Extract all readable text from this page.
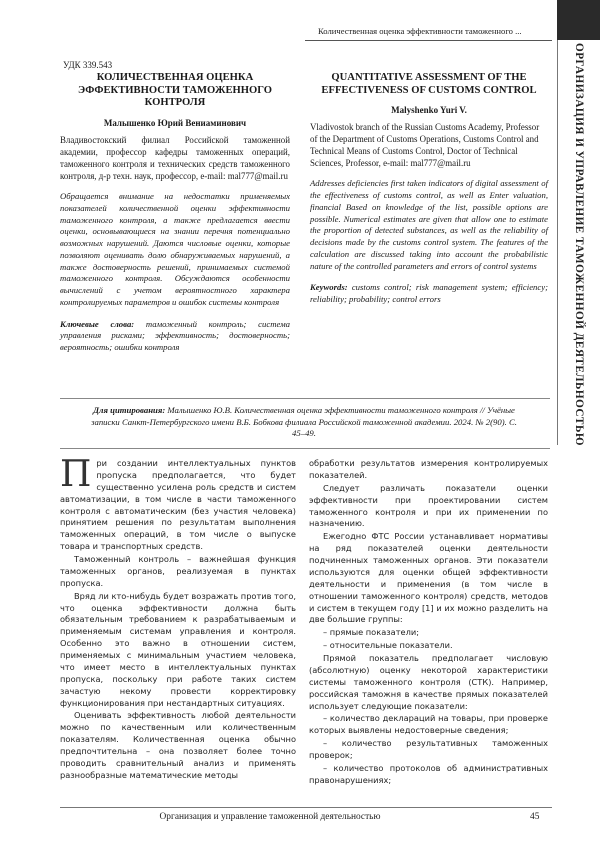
Количественная оценка эффективности таможенного ...
ОРГАНИЗАЦИЯ И УПРАВЛЕНИЕ ТАМОЖЕННОЙ ДЕЯТЕЛЬНОСТЬЮ
УДК 339.543
КОЛИЧЕСТВЕННАЯ ОЦЕНКА ЭФФЕКТИВНОСТИ ТАМОЖЕННОГО КОНТРОЛЯ
Малышенко Юрий Вениаминович
Владивостокский филиал Российской таможенной академии, профессор кафедры таможенных операций, таможенного контроля и технических средств таможенного контроля, д-р техн. наук, профессор, e-mail: mal777@mail.ru
Обращается внимание на недостатки применяемых показателей количественной оценки эффективности таможенного контроля, а также предлагается ввести оценки, основывающиеся на знании перечня потенциально возможных нарушений. Даются числовые оценки, которые позволяют оценивать долю обнаруживаемых нарушений, а также достоверность решений, принимаемых системой таможенного контроля. Обсуждаются особенности вычислений с учетом вероятностного характера контролируемых параметров и ошибок системы контроля
Ключевые слова: таможенный контроль; система управления рисками; эффективность; достоверность; вероятность; ошибки контроля
QUANTITATIVE ASSESSMENT OF THE EFFECTIVENESS OF CUSTOMS CONTROL
Malyshenko Yuri V.
Vladivostok branch of the Russian Customs Academy, Professor of the Department of Customs Operations, Customs Control and Technical Means of Customs Control, Doctor of Technical Sciences, Professor, e-mail: mal777@mail.ru
Addresses deficiencies first taken indicators of digital assessment of the effectiveness of customs control, as well as Enter valuation, financial Based on knowledge of the list, possible options are possible. Numerical estimates are given that allow one to estimate the proportion of detected substances, as well as the reliability of decisions made by the customs control system. The features of the calculation are discussed taking into account the probabilistic nature of the controlled parameters and errors of control systems
Keywords: customs control; risk management system; efficiency; reliability; probability; control errors
Для цитирования: Малышенко Ю.В. Количественная оценка эффективности таможенного контроля // Учёные записки Санкт-Петербургского имени В.Б. Бобкова филиала Российской таможенной академии. 2024. № 2(90). С. 45–49.

При создании интеллектуальных пунктов пропуска предполагается, что будет существенно усилена роль средств и систем автоматизации, в том числе в части таможенного контроля с автоматическим (без участия человека) принятием решения по результатам выполнения таможенных операций, в том числе о выпуске товара и транспортных средств.

Таможенный контроль – важнейшая функция таможенных органов, реализуемая в пунктах пропуска.

Вряд ли кто-нибудь будет возражать против того, что оценка эффективности должна быть обязательным требованием к разрабатываемым и применяемым системам управления и контроля. Особенно это важно в отношении систем, применяемых с минимальным участием человека, что имеет место в интеллектуальных пунктах пропуска, поскольку при работе таких систем зачастую некому провести корректировку функционирования при нестандартных ситуациях.

Оценивать эффективность любой деятельности можно по качественным или количественным показателям. Количественная оценка обычно предпочтительна – она позволяет более точно проводить сравнительный анализ и применять разнообразные математические методы

обработки результатов измерения контролируемых показателей.

Следует различать показатели оценки эффективности при проектировании систем таможенного контроля и при их применении по назначению.

Ежегодно ФТС России устанавливает нормативы на ряд показателей оценки деятельности подчиненных таможенных органов. Эти показатели используются для оценки общей эффективности деятельности и применения (в том числе в отношении таможенного контроля) средств, методов и систем в текущем году [1] и их можно разделить на две большие группы:

– прямые показатели;

– относительные показатели.

Прямой показатель предполагает числовую (абсолютную) оценку некоторой характеристики системы таможенного контроля (СТК). Например, российская таможня в качестве прямых показателей использует следующие показатели:

– количество деклараций на товары, при проверке которых выявлены недостоверные сведения;

– количество результативных таможенных проверок;

– количество протоколов об административных правонарушениях;

Организация и управление таможенной деятельностью	45
